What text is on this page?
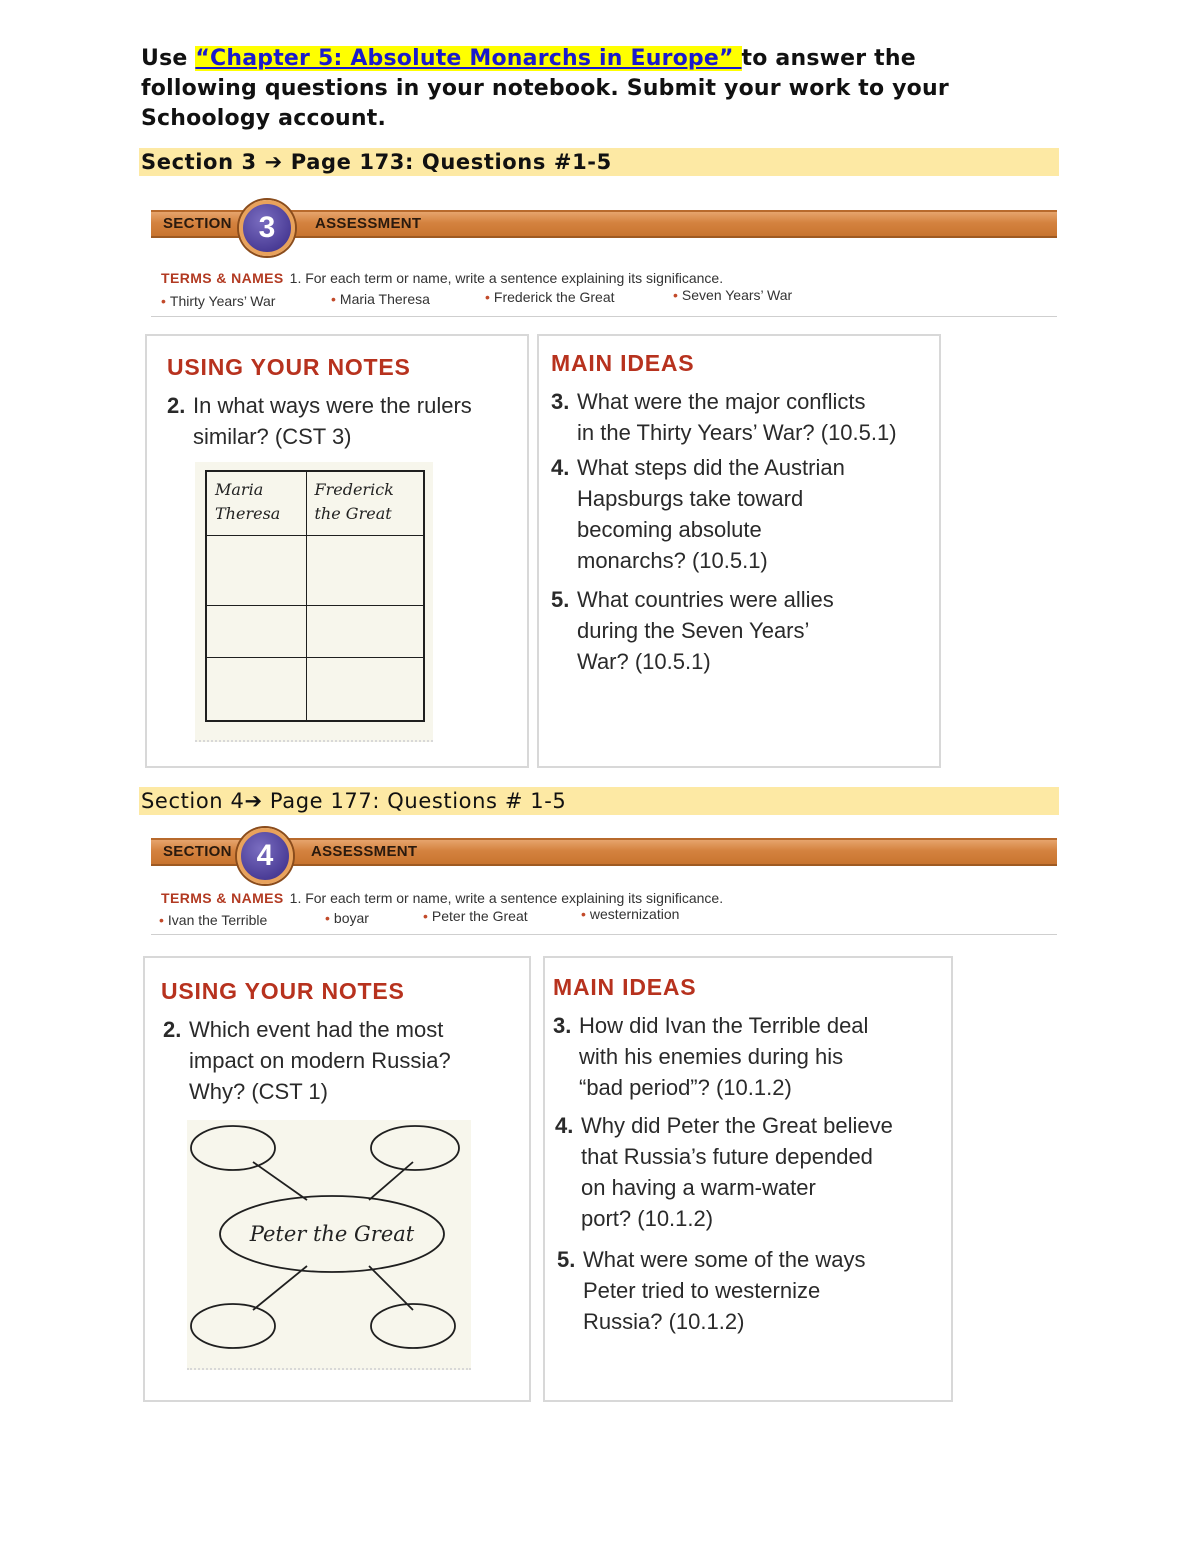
Use “Chapter 5: Absolute Monarchs in Europe” to answer the
following questions in your notebook. Submit your work to your
Schoology account.
Section 3 ➔ Page 173: Questions #1-5
SECTION	ASSESSMENT
3
TERMS & NAMES 1. For each term or name, write a sentence explaining its significance.
• Thirty Years’ War	• Maria Theresa	• Frederick the Great	• Seven Years’ War
USING YOUR NOTES
2. In what ways were the rulers
similar? (CST 3)
Maria Theresa	Frederick the Great

MAIN IDEAS
3. What were the major conflicts
in the Thirty Years’ War? (10.5.1)
4. What steps did the Austrian
Hapsburgs take toward
becoming absolute
monarchs? (10.5.1)
5. What countries were allies
during the Seven Years’
War? (10.5.1)
Section 4➔ Page 177: Questions # 1-5
SECTION	ASSESSMENT
4
TERMS & NAMES 1. For each term or name, write a sentence explaining its significance.
• Ivan the Terrible	• boyar	• Peter the Great	• westernization
USING YOUR NOTES
2. Which event had the most
impact on modern Russia?
Why? (CST 1)
Peter the Great
MAIN IDEAS
3. How did Ivan the Terrible deal
with his enemies during his
“bad period”? (10.1.2)
4. Why did Peter the Great believe
that Russia’s future depended
on having a warm-water
port? (10.1.2)
5. What were some of the ways
Peter tried to westernize
Russia? (10.1.2)
